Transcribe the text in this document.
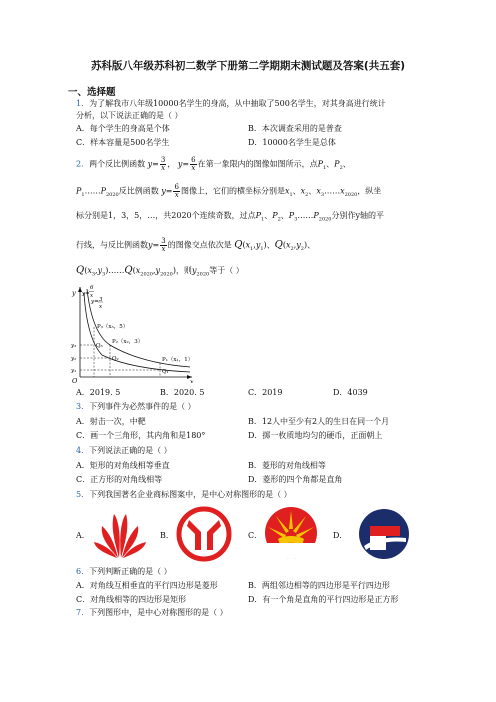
苏科版八年级苏科初二数学下册第二学期期末测试题及答案(共五套)
一、选择题
1．为了解我市八年级10000名学生的身高，从中抽取了500名学生，对其身高进行统计
分析，以下说法正确的是（ ）
A．每个学生的身高是个体	B．本次调查采用的是普查
C．样本容量是500名学生	D．10000名学生是总体
2．两个反比例函数 $y= \frac{3}{x}$ ， $y= \frac{6}{x}$ 在第一象限内的图像如图所示，点$P_1$、$P_2$、
$P_1\dots\dots P_{2020}$反比例函数 $y= \frac{6}{x}$ 图像上，它们的横坐标分别是$x_1$、$x_2$、$x_3\dots\dots x_{2020}$，纵坐
标分别是1，3，5，…，共2020个连续奇数，过点$P_1$、$P_2$、$P_3\dots\dots P_{2020}$分别作y轴的平
行线，与反比例函数$y= \frac{3}{x}$ 的图像交点依次是 $Q(x_1,y_1)$、$Q(x_2,y_2)$、
$Q(x_3,y_3)\dots\dots Q(x_{2020},y_{2020})$，则$y_{2020}$等于（ ）
y
x
O
6
y= x
3
y=
x
P₃（x₃，5）
P₂（x₂，3）
P₁（x₁，1）
Q₃
Q₂
Q₁
y₃
y₂
y₁
A．2019. 5	B．2020. 5	C．2019	D．4039
3．下列事件为必然事件的是（ ）
A．射击一次，中靶	B．12人中至少有2人的生日在同一个月
C．画一个三角形，其内角和是180°	D．掷一枚质地均匀的硬币，正面朝上
4．下列说法正确的是（ ）
A．矩形的对角线相等垂直	B．菱形的对角线相等
C．正方形的对角线相等	D．菱形的四个角都是直角
5．下列我国著名企业商标图案中，是中心对称图形的是（ ）
A．	B．	C．	D．
6．下列判断正确的是（ ）
A．对角线互相垂直的平行四边形是菱形	B．两组邻边相等的四边形是平行四边形
C．对角线相等的四边形是矩形	D．有一个角是直角的平行四边形是正方形
7．下列图形中，是中心对称图形的是（ ）
